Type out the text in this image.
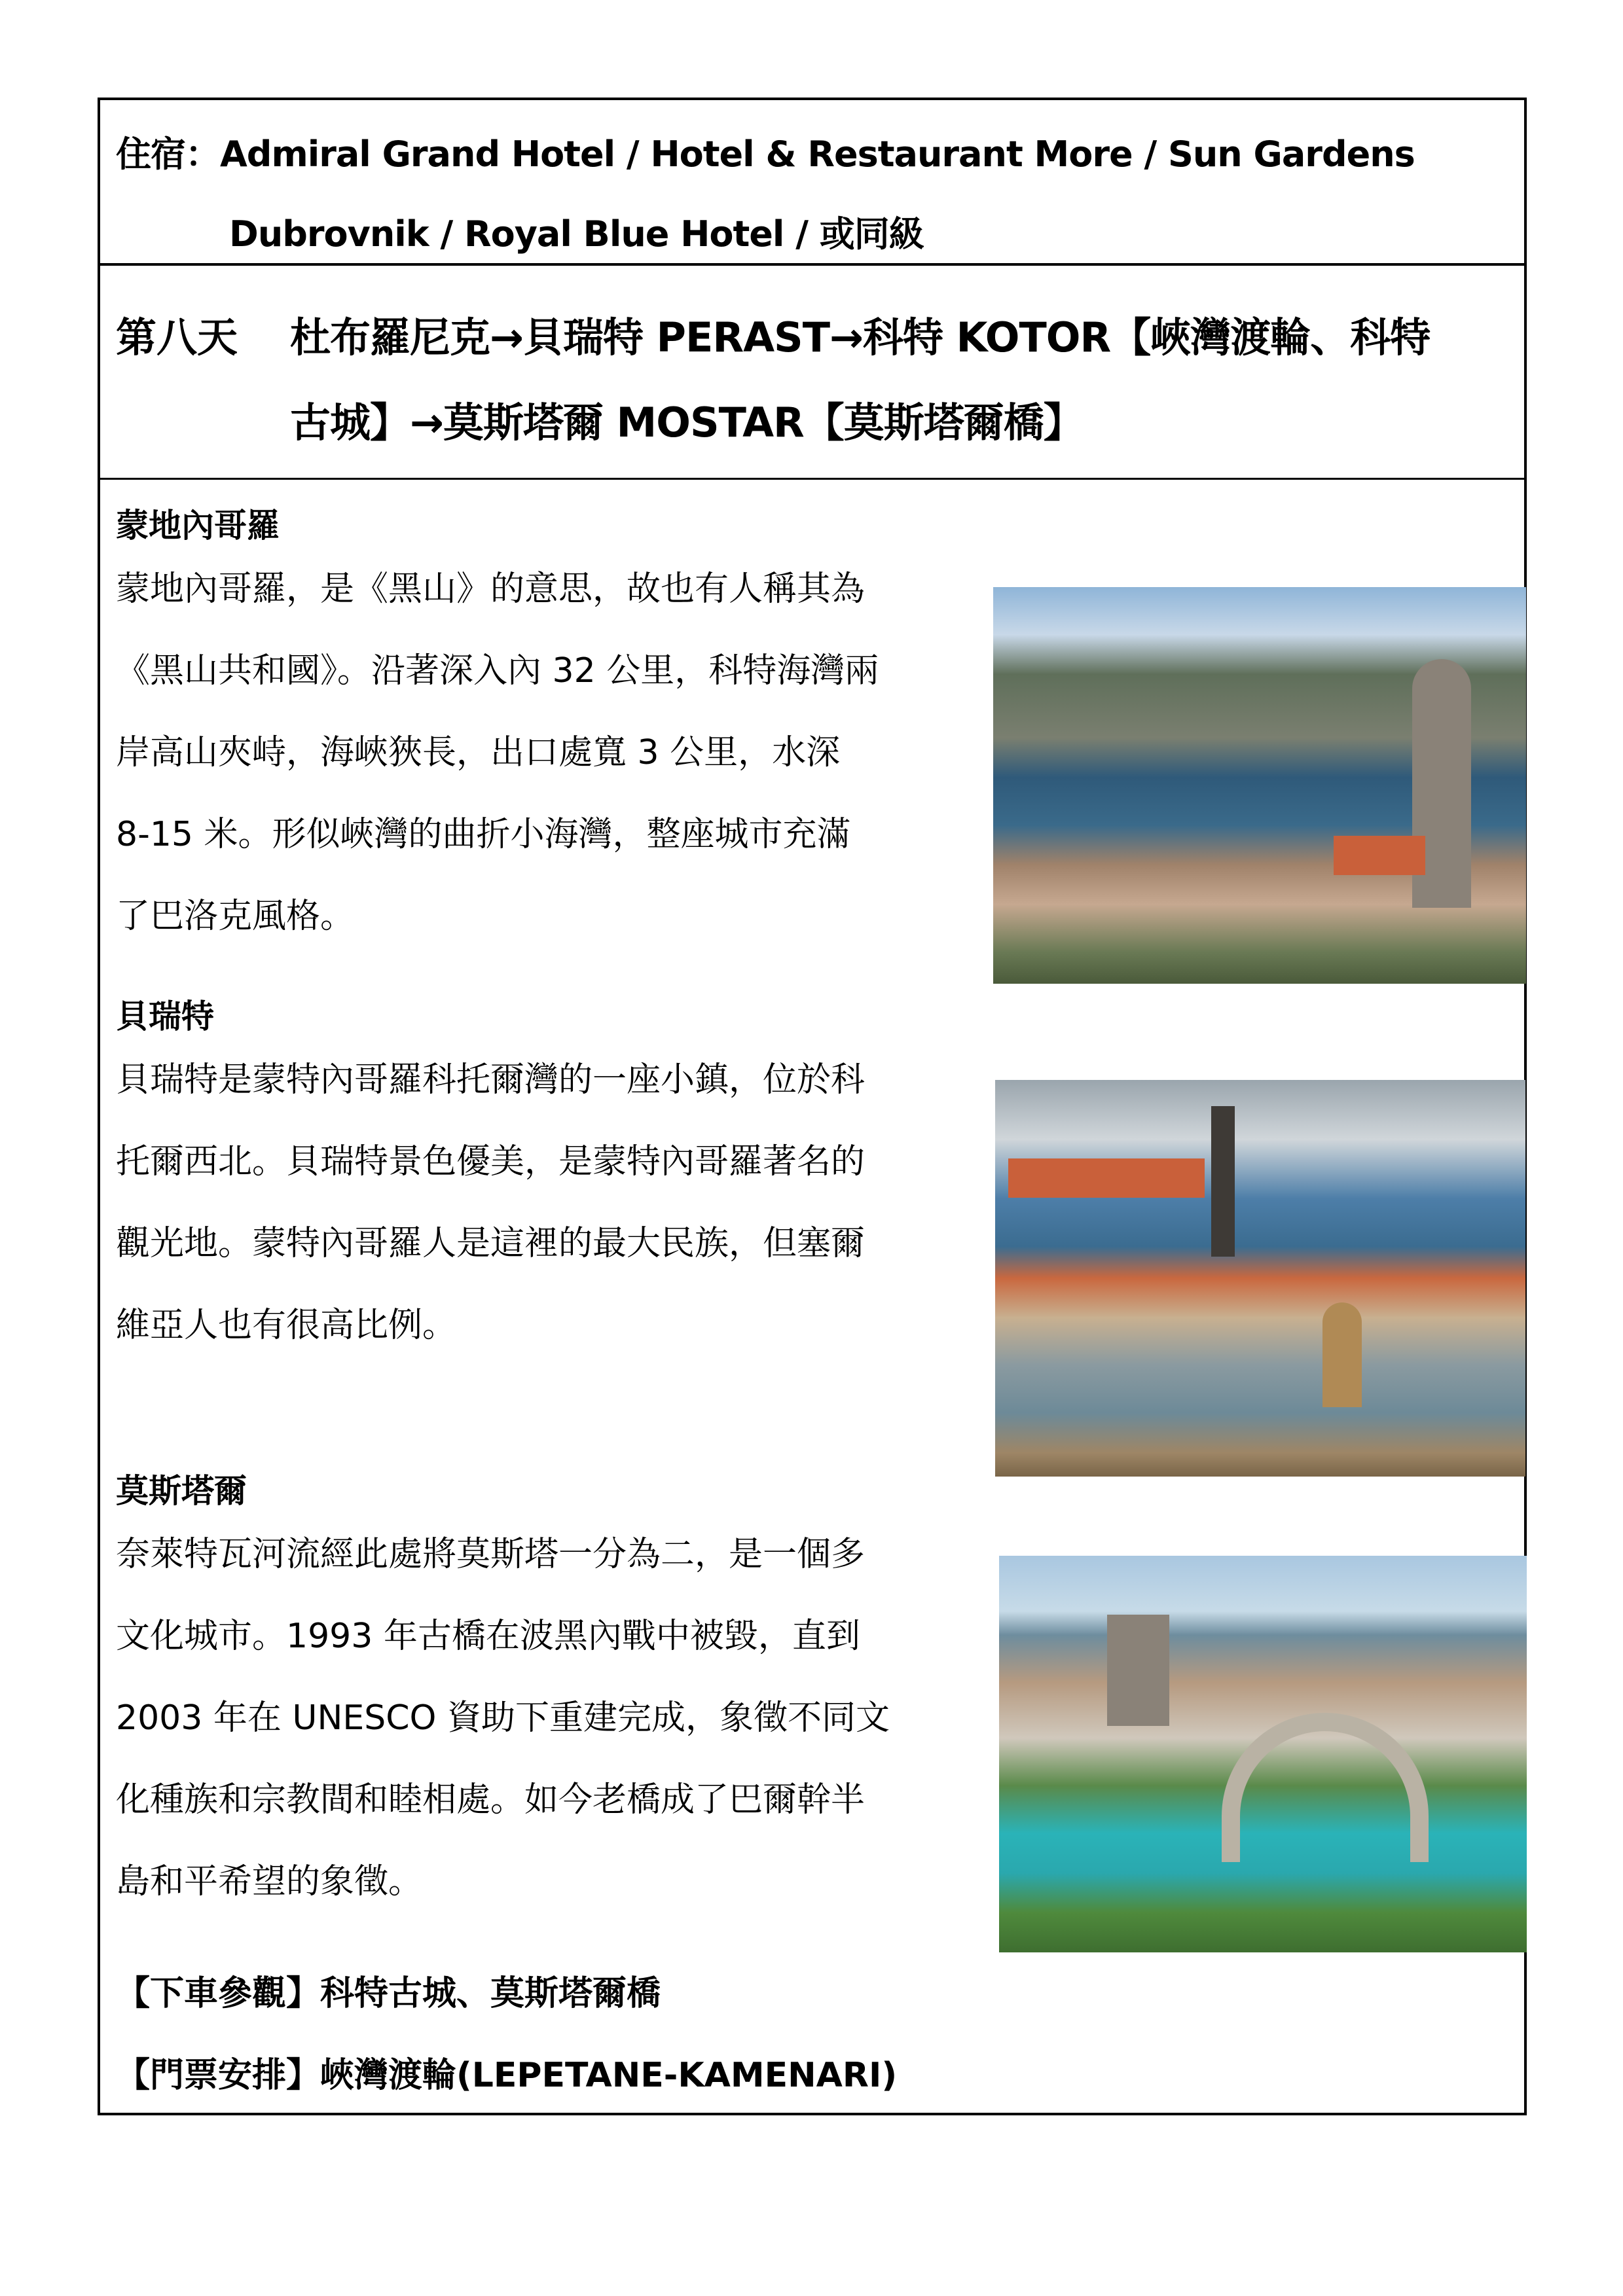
住宿：Admiral Grand Hotel / Hotel & Restaurant More / Sun Gardens
Dubrovnik / Royal Blue Hotel / 或同級
第八天 杜布羅尼克→貝瑞特 PERAST→科特 KOTOR【峽灣渡輪、科特
古城】→莫斯塔爾 MOSTAR【莫斯塔爾橋】
蒙地內哥羅
蒙地內哥羅，是《黑山》的意思，故也有人稱其為
《黑山共和國》。沿著深入內 32 公里，科特海灣兩
岸高山夾峙，海峽狹長，出口處寬 3 公里，水深
8-15 米。形似峽灣的曲折小海灣，整座城市充滿
了巴洛克風格。
貝瑞特
貝瑞特是蒙特內哥羅科托爾灣的一座小鎮，位於科
托爾西北。貝瑞特景色優美，是蒙特內哥羅著名的
觀光地。蒙特內哥羅人是這裡的最大民族，但塞爾
維亞人也有很高比例。
莫斯塔爾
奈萊特瓦河流經此處將莫斯塔一分為二，是一個多
文化城市。1993 年古橋在波黑內戰中被毀，直到
2003 年在 UNESCO 資助下重建完成，象徵不同文
化種族和宗教間和睦相處。如今老橋成了巴爾幹半
島和平希望的象徵。
【下車參觀】科特古城、莫斯塔爾橋
【門票安排】峽灣渡輪(LEPETANE-KAMENARI)
